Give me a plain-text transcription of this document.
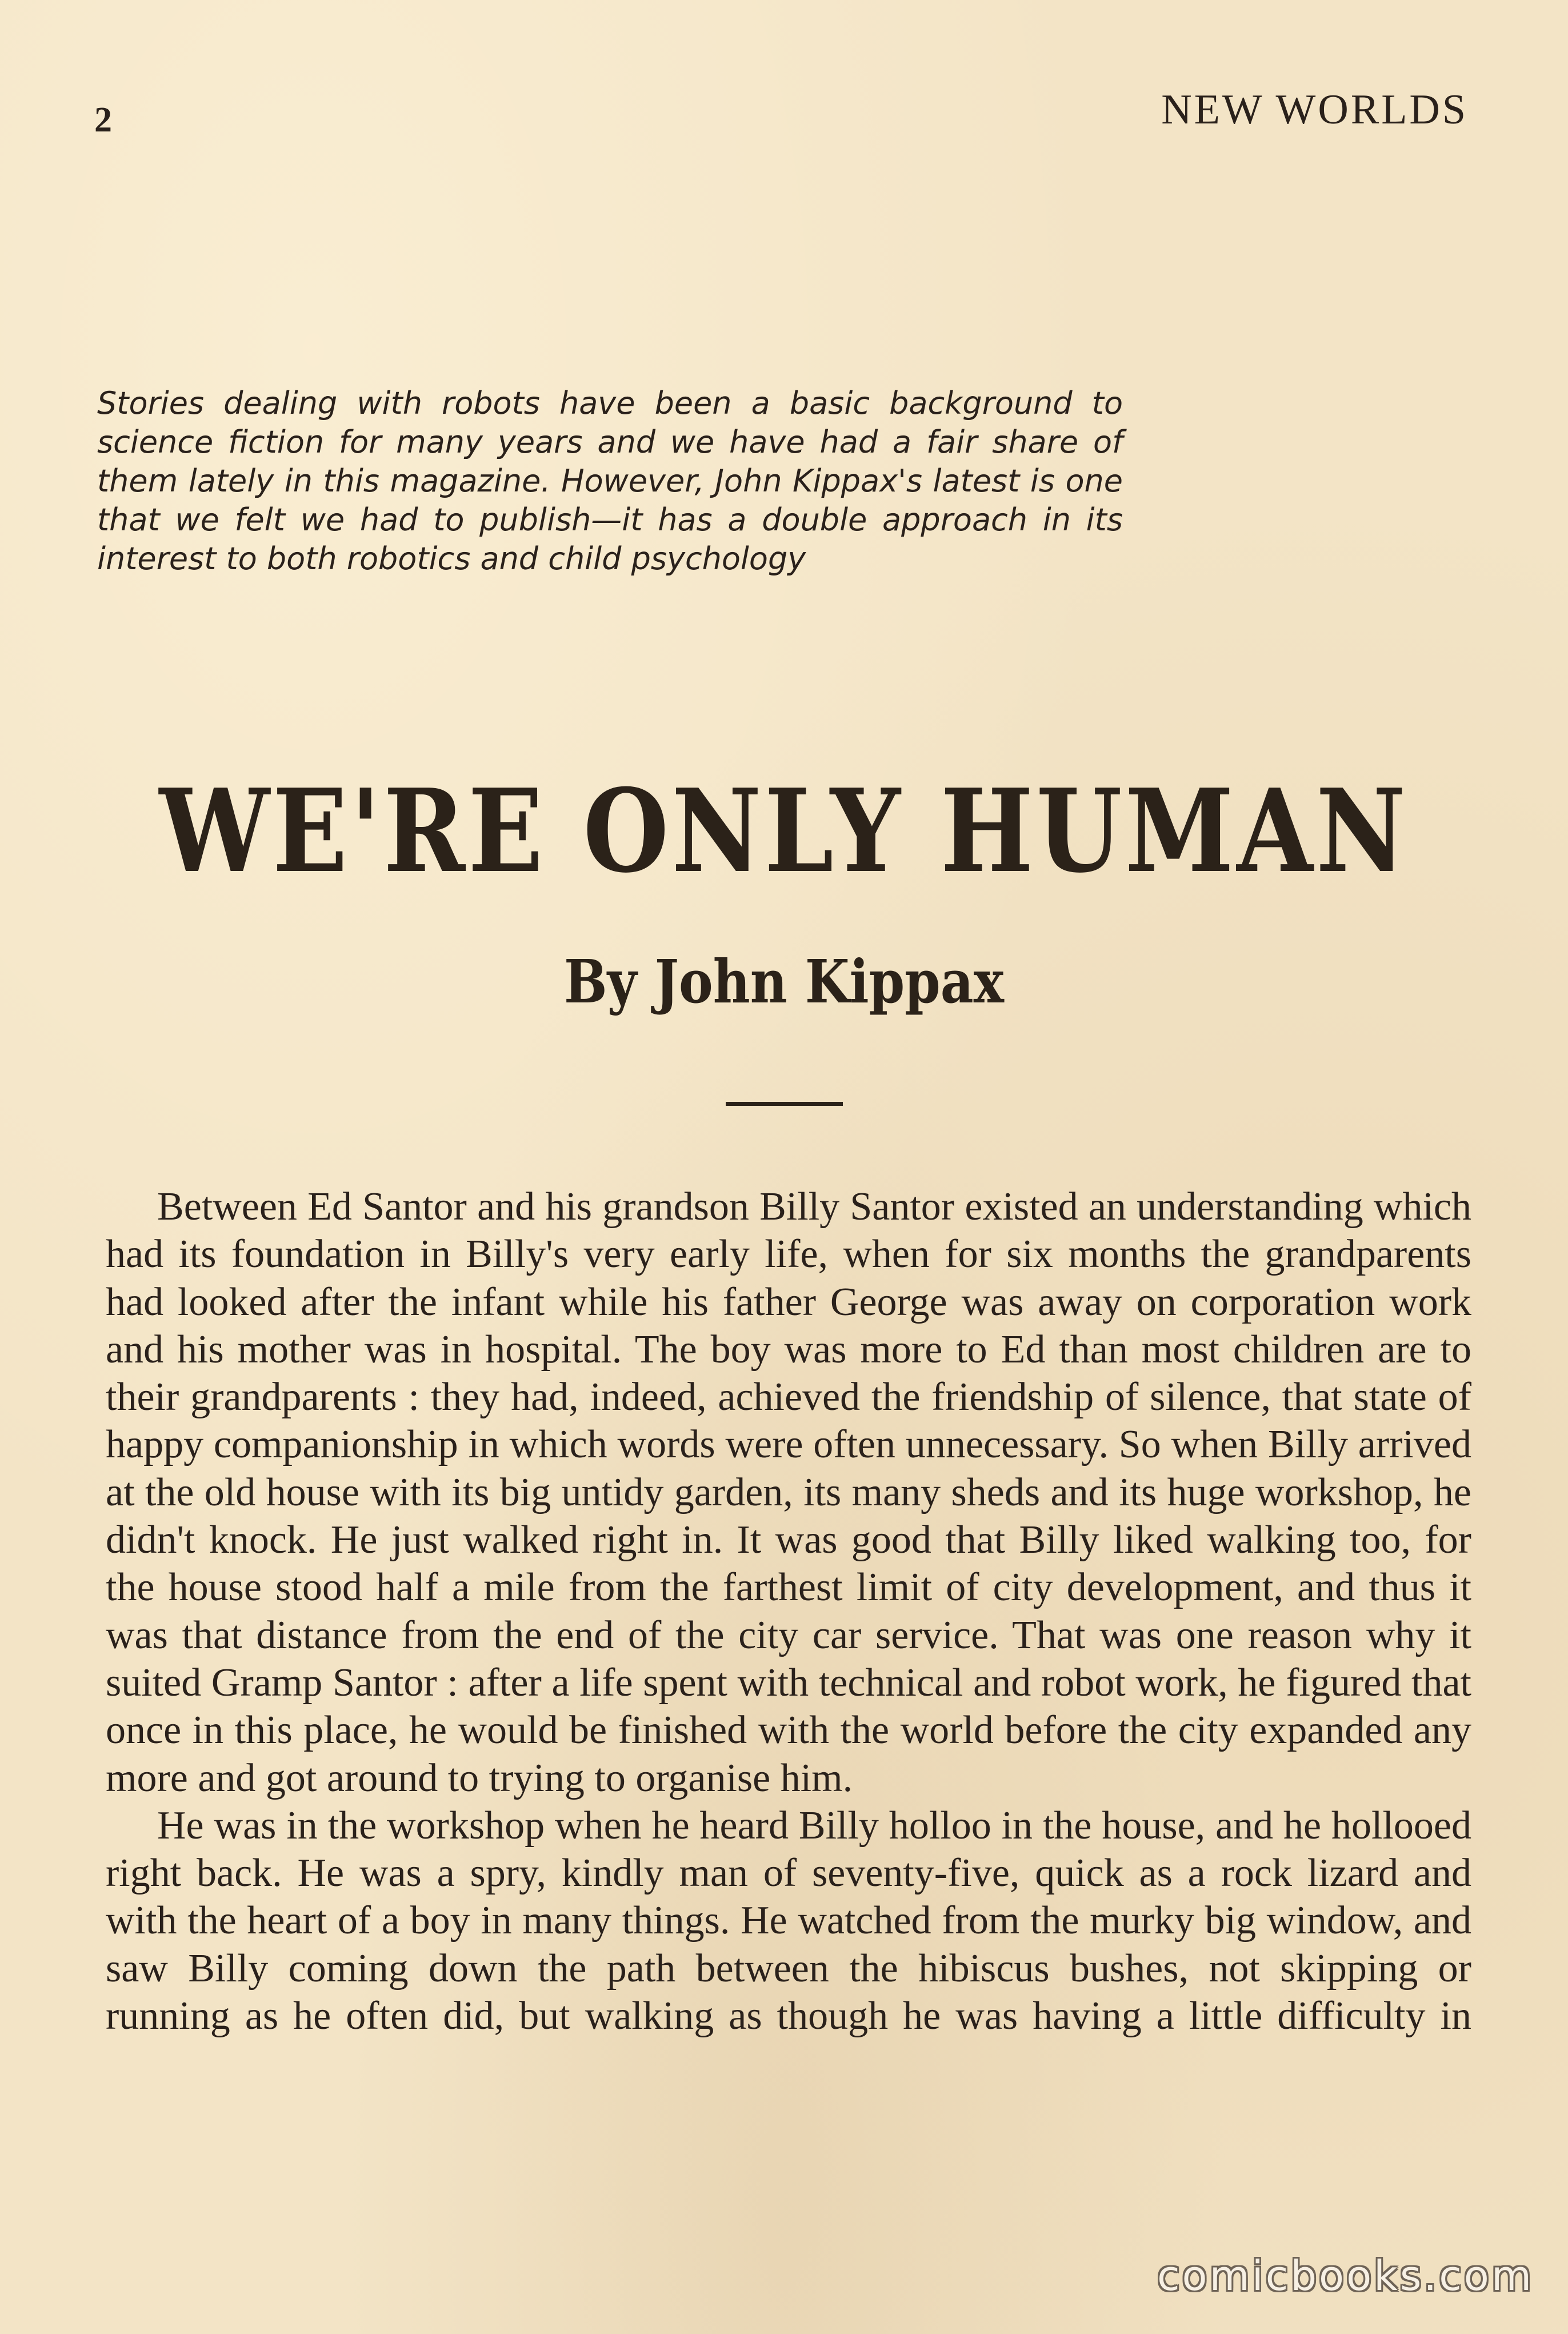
2	NEW WORLDS

Stories dealing with robots have been a basic background to science fiction for many years and we have had a fair share of them lately in this magazine. However, John Kippax's latest is one that we felt we had to publish—it has a double approach in its interest to both robotics and child psychology

WE'RE ONLY HUMAN
By John Kippax

Between Ed Santor and his grandson Billy Santor existed an understanding which had its foundation in Billy's very early life, when for six months the grandparents had looked after the infant while his father George was away on corporation work and his mother was in hospital. The boy was more to Ed than most children are to their grandparents : they had, indeed, achieved the friendship of silence, that state of happy companionship in which words were often unnecessary. So when Billy arrived at the old house with its big untidy garden, its many sheds and its huge workshop, he didn't knock. He just walked right in. It was good that Billy liked walking too, for the house stood half a mile from the farthest limit of city development, and thus it was that distance from the end of the city car service. That was one reason why it suited Gramp Santor : after a life spent with technical and robot work, he figured that once in this place, he would be finished with the world before the city expanded any more and got around to trying to organise him.

He was in the workshop when he heard Billy holloo in the house, and he hollooed right back. He was a spry, kindly man of seventy-five, quick as a rock lizard and with the heart of a boy in many things. He watched from the murky big window, and saw Billy coming down the path between the hibiscus bushes, not skipping or running as he often did, but walking as though he was having a little difficulty in

comicbooks.com
